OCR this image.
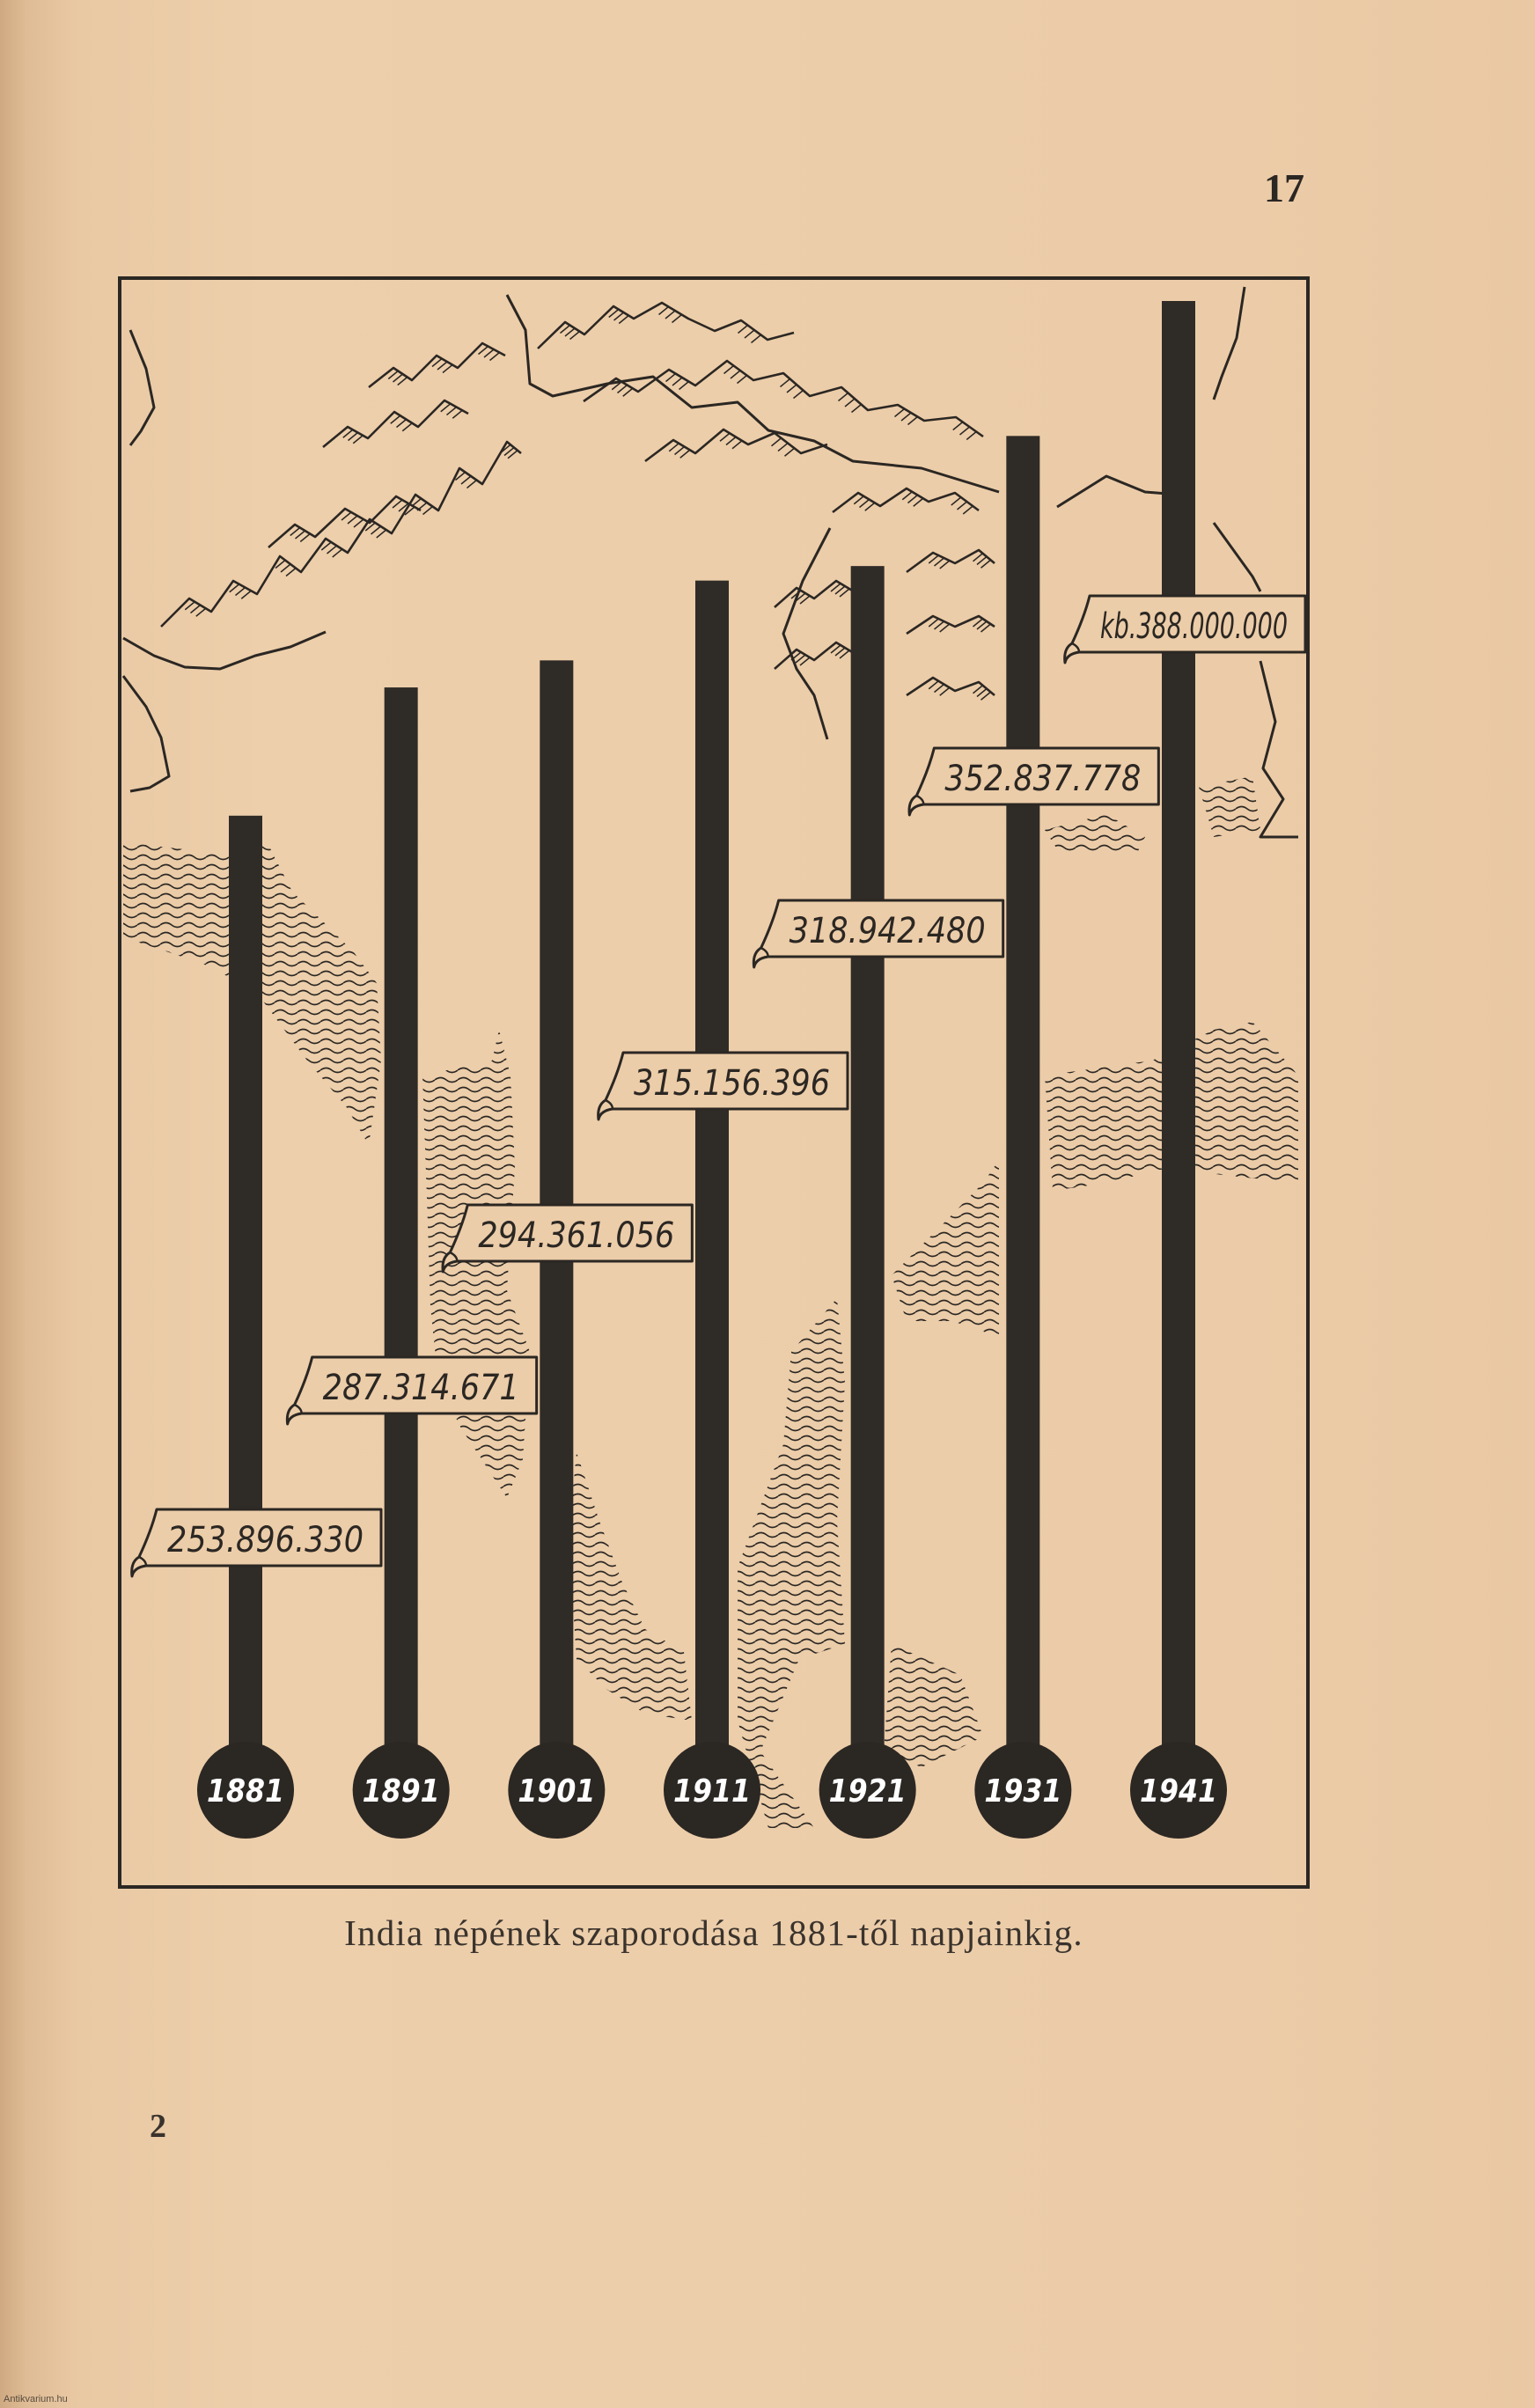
17
253.896.330
287.314.671
294.361.056
315.156.396
318.942.480
352.837.778
kb.388.000.000
1881 1891 1901 1911 1921 1931 1941
India népének szaporodása 1881-től napjainkig.
2
Antikvarium.hu
